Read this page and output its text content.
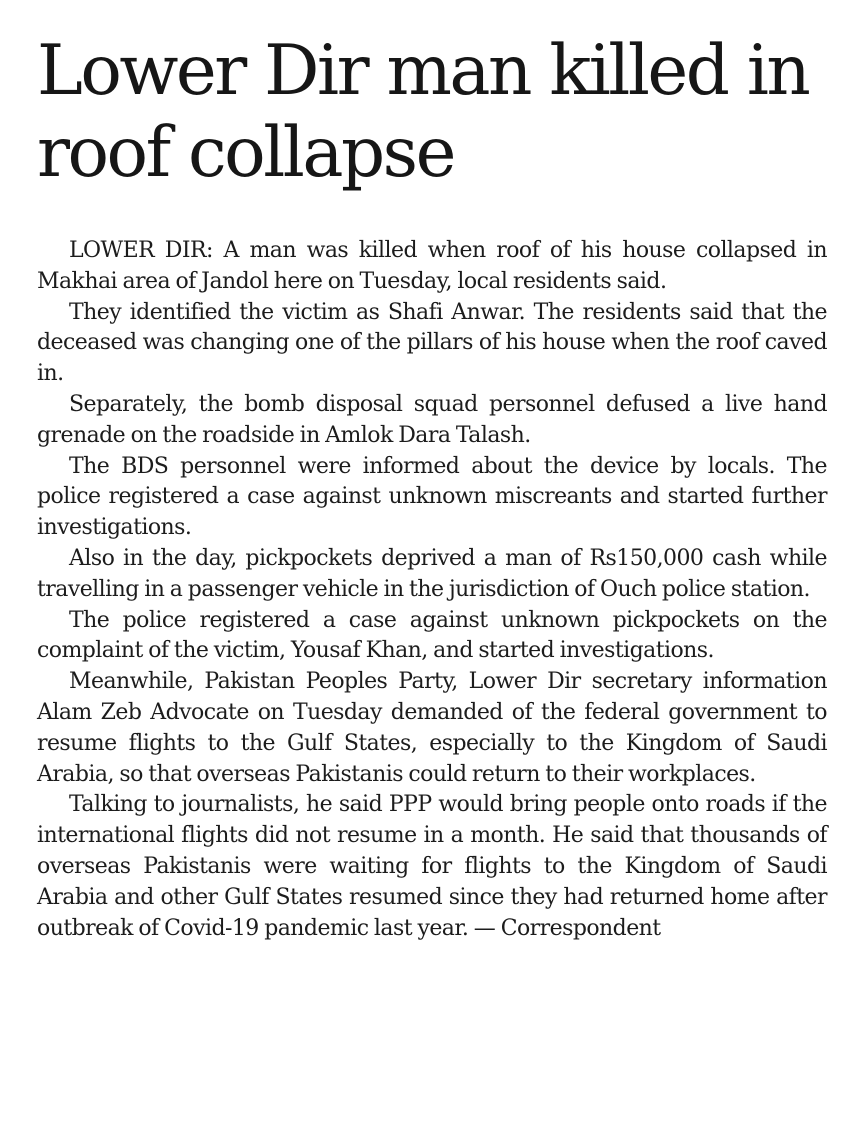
Lower Dir man killed in roof collapse

LOWER DIR: A man was killed when roof of his house collapsed in Makhai area of Jandol here on Tuesday, local residents said.

They identified the victim as Shafi Anwar. The residents said that the deceased was changing one of the pillars of his house when the roof caved in.

Separately, the bomb disposal squad personnel defused a live hand grenade on the roadside in Amlok Dara Talash.

The BDS personnel were informed about the device by locals. The police registered a case against unknown miscreants and started further investigations.

Also in the day, pickpockets deprived a man of Rs150,000 cash while travelling in a passenger vehicle in the jurisdiction of Ouch police station.

The police registered a case against unknown pickpockets on the complaint of the victim, Yousaf Khan, and started investigations.

Meanwhile, Pakistan Peoples Party, Lower Dir secretary information Alam Zeb Advocate on Tuesday demanded of the federal government to resume flights to the Gulf States, especially to the Kingdom of Saudi Arabia, so that overseas Pakistanis could return to their workplaces.

Talking to journalists, he said PPP would bring people onto roads if the international flights did not resume in a month. He said that thousands of overseas Pakistanis were waiting for flights to the Kingdom of Saudi Arabia and other Gulf States resumed since they had returned home after outbreak of Covid-19 pandemic last year. — Correspondent
